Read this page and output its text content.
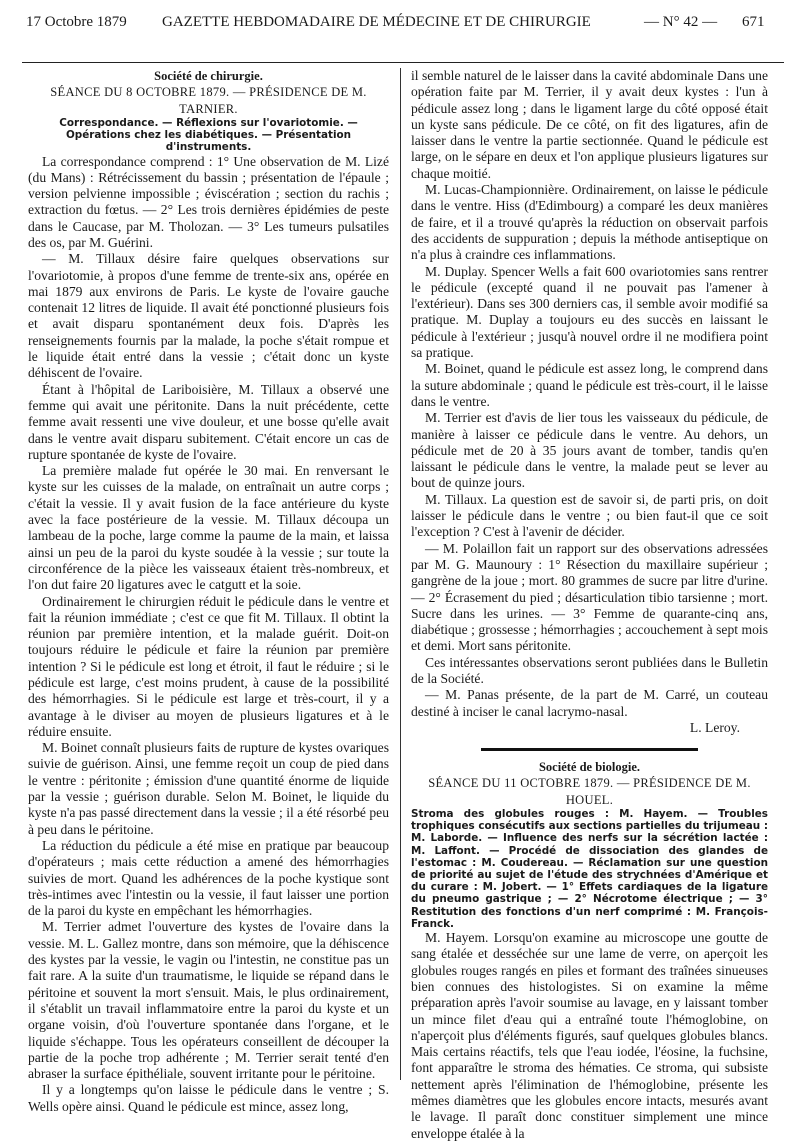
17 Octobre 1879 GAZETTE HEBDOMADAIRE DE MÉDECINE ET DE CHIRURGIE	— N° 42 — 671

Société de chirurgie.

SÉANCE DU 8 OCTOBRE 1879. — PRÉSIDENCE DE M. TARNIER.

Correspondance. — Réflexions sur l'ovariotomie. — Opérations chez les diabétiques. — Présentation d'instruments.

La correspondance comprend : 1° Une observation de M. Lizé (du Mans) : Rétrécissement du bassin ; présentation de l'épaule ; version pelvienne impossible ; éviscération ; section du rachis ; extraction du fœtus. — 2° Les trois dernières épidémies de peste dans le Caucase, par M. Tholozan. — 3° Les tumeurs pulsatiles des os, par M. Guérini.

— M. Tillaux désire faire quelques observations sur l'ovariotomie, à propos d'une femme de trente-six ans, opérée en mai 1879 aux environs de Paris. Le kyste de l'ovaire gauche contenait 12 litres de liquide. Il avait été ponctionné plusieurs fois et avait disparu spontanément deux fois. D'après les renseignements fournis par la malade, la poche s'était rompue et le liquide était entré dans la vessie ; c'était donc un kyste déhiscent de l'ovaire.

Étant à l'hôpital de Lariboisière, M. Tillaux a observé une femme qui avait une péritonite. Dans la nuit précédente, cette femme avait ressenti une vive douleur, et une bosse qu'elle avait dans le ventre avait disparu subitement. C'était encore un cas de rupture spontanée de kyste de l'ovaire.

La première malade fut opérée le 30 mai. En renversant le kyste sur les cuisses de la malade, on entraînait un autre corps ; c'était la vessie. Il y avait fusion de la face antérieure du kyste avec la face postérieure de la vessie. M. Tillaux découpa un lambeau de la poche, large comme la paume de la main, et laissa ainsi un peu de la paroi du kyste soudée à la vessie ; sur toute la circonférence de la pièce les vaisseaux étaient très-nombreux, et l'on dut faire 20 ligatures avec le catgutt et la soie.

Ordinairement le chirurgien réduit le pédicule dans le ventre et fait la réunion immédiate ; c'est ce que fit M. Tillaux. Il obtint la réunion par première intention, et la malade guérit. Doit-on toujours réduire le pédicule et faire la réunion par première intention ? Si le pédicule est long et étroit, il faut le réduire ; si le pédicule est large, c'est moins prudent, à cause de la possibilité des hémorrhagies. Si le pédicule est large et très-court, il y a avantage à le diviser au moyen de plusieurs ligatures et à le réduire ensuite.

M. Boinet connaît plusieurs faits de rupture de kystes ovariques suivie de guérison. Ainsi, une femme reçoit un coup de pied dans le ventre : péritonite ; émission d'une quantité énorme de liquide par la vessie ; guérison durable. Selon M. Boinet, le liquide du kyste n'a pas passé directement dans la vessie ; il a été résorbé peu à peu dans le péritoine.

La réduction du pédicule a été mise en pratique par beaucoup d'opérateurs ; mais cette réduction a amené des hémorrhagies suivies de mort. Quand les adhérences de la poche kystique sont très-intimes avec l'intestin ou la vessie, il faut laisser une portion de la paroi du kyste en empêchant les hémorrhagies.

M. Terrier admet l'ouverture des kystes de l'ovaire dans la vessie. M. L. Gallez montre, dans son mémoire, que la déhiscence des kystes par la vessie, le vagin ou l'intestin, ne constitue pas un fait rare. A la suite d'un traumatisme, le liquide se répand dans le péritoine et souvent la mort s'ensuit. Mais, le plus ordinairement, il s'établit un travail inflammatoire entre la paroi du kyste et un organe voisin, d'où l'ouverture spontanée dans l'organe, et le liquide s'échappe. Tous les opérateurs conseillent de découper la partie de la poche trop adhérente ; M. Terrier serait tenté d'en abraser la surface épithéliale, souvent irritante pour le péritoine.

Il y a longtemps qu'on laisse le pédicule dans le ventre ; S. Wells opère ainsi. Quand le pédicule est mince, assez long,

il semble naturel de le laisser dans la cavité abdominale Dans une opération faite par M. Terrier, il y avait deux kystes : l'un à pédicule assez long ; dans le ligament large du côté opposé était un kyste sans pédicule. De ce côté, on fit des ligatures, afin de laisser dans le ventre la partie sectionnée. Quand le pédicule est large, on le sépare en deux et l'on applique plusieurs ligatures sur chaque moitié.

M. Lucas-Championnière. Ordinairement, on laisse le pédicule dans le ventre. Hiss (d'Edimbourg) a comparé les deux manières de faire, et il a trouvé qu'après la réduction on observait parfois des accidents de suppuration ; depuis la méthode antiseptique on n'a plus à craindre ces inflammations.

M. Duplay. Spencer Wells a fait 600 ovariotomies sans rentrer le pédicule (excepté quand il ne pouvait pas l'amener à l'extérieur). Dans ses 300 derniers cas, il semble avoir modifié sa pratique. M. Duplay a toujours eu des succès en laissant le pédicule à l'extérieur ; jusqu'à nouvel ordre il ne modifiera point sa pratique.

M. Boinet, quand le pédicule est assez long, le comprend dans la suture abdominale ; quand le pédicule est très-court, il le laisse dans le ventre.

M. Terrier est d'avis de lier tous les vaisseaux du pédicule, de manière à laisser ce pédicule dans le ventre. Au dehors, un pédicule met de 20 à 35 jours avant de tomber, tandis qu'en laissant le pédicule dans le ventre, la malade peut se lever au bout de quinze jours.

M. Tillaux. La question est de savoir si, de parti pris, on doit laisser le pédicule dans le ventre ; ou bien faut-il que ce soit l'exception ? C'est à l'avenir de décider.

— M. Polaillon fait un rapport sur des observations adressées par M. G. Maunoury : 1° Résection du maxillaire supérieur ; gangrène de la joue ; mort. 80 grammes de sucre par litre d'urine. — 2° Écrasement du pied ; désarticulation tibio tarsienne ; mort. Sucre dans les urines. — 3° Femme de quarante-cinq ans, diabétique ; grossesse ; hémorrhagies ; accouchement à sept mois et demi. Mort sans péritonite.

Ces intéressantes observations seront publiées dans le Bulletin de la Société.

— M. Panas présente, de la part de M. Carré, un couteau destiné à inciser le canal lacrymo-nasal.

L. Leroy.

Société de biologie.

SÉANCE DU 11 OCTOBRE 1879. — PRÉSIDENCE DE M. HOUEL.

Stroma des globules rouges : M. Hayem. — Troubles trophiques consécutifs aux sections partielles du trijumeau : M. Laborde. — Influence des nerfs sur la sécrétion lactée : M. Laffont. — Procédé de dissociation des glandes de l'estomac : M. Coudereau. — Réclamation sur une question de priorité au sujet de l'étude des strychnées d'Amérique et du curare : M. Jobert. — 1° Effets cardiaques de la ligature du pneumo gastrique ; — 2° Nécrotome électrique ; — 3° Restitution des fonctions d'un nerf comprimé : M. François-Franck.

M. Hayem. Lorsqu'on examine au microscope une goutte de sang étalée et desséchée sur une lame de verre, on aperçoit les globules rouges rangés en piles et formant des traînées sinueuses bien connues des histologistes. Si on examine la même préparation après l'avoir soumise au lavage, en y laissant tomber un mince filet d'eau qui a entraîné toute l'hémoglobine, on n'aperçoit plus d'éléments figurés, sauf quelques globules blancs. Mais certains réactifs, tels que l'eau iodée, l'éosine, la fuchsine, font apparaître le stroma des hématies. Ce stroma, qui subsiste nettement après l'élimination de l'hémoglobine, présente les mêmes diamètres que les globules encore intacts, mesurés avant le lavage. Il paraît donc constituer simplement une mince enveloppe étalée à la
